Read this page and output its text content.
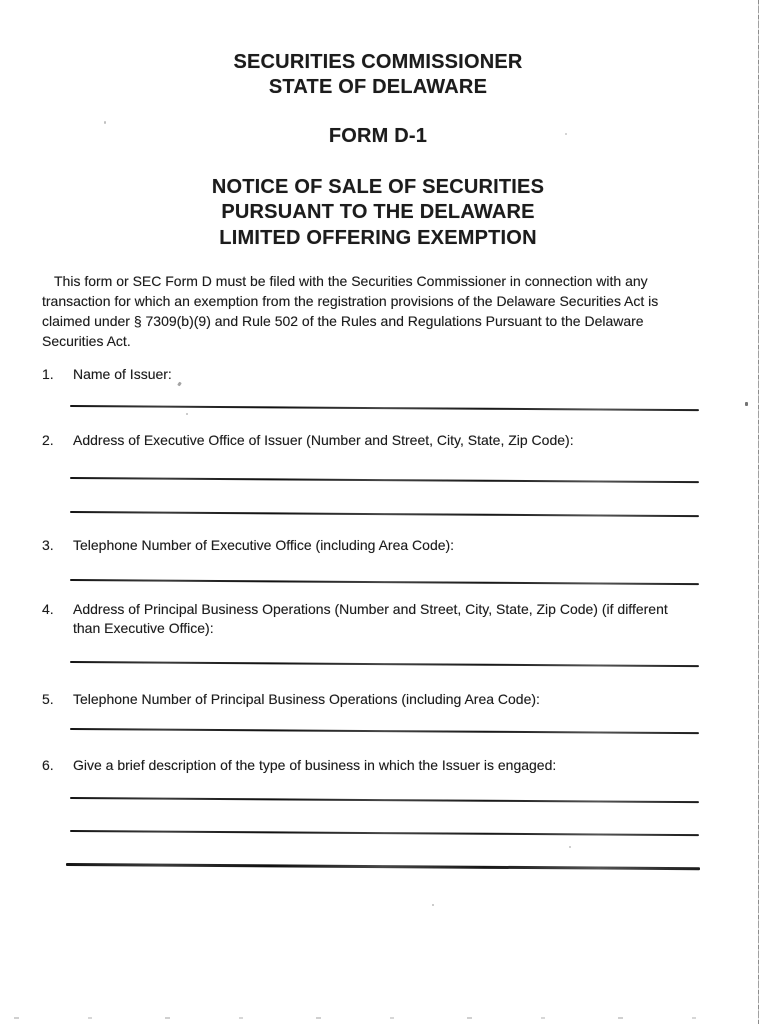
SECURITIES COMMISSIONER
STATE OF DELAWARE
FORM D-1
NOTICE OF SALE OF SECURITIES
PURSUANT TO THE DELAWARE
LIMITED OFFERING EXEMPTION
This form or SEC Form D must be filed with the Securities Commissioner in connection with any
transaction for which an exemption from the registration provisions of the Delaware Securities Act is
claimed under § 7309(b)(9) and Rule 502 of the Rules and Regulations Pursuant to the Delaware
Securities Act.
1. Name of Issuer:
2. Address of Executive Office of Issuer (Number and Street, City, State, Zip Code):
3. Telephone Number of Executive Office (including Area Code):
4. Address of Principal Business Operations (Number and Street, City, State, Zip Code) (if different
than Executive Office):
5. Telephone Number of Principal Business Operations (including Area Code):
6. Give a brief description of the type of business in which the Issuer is engaged:
